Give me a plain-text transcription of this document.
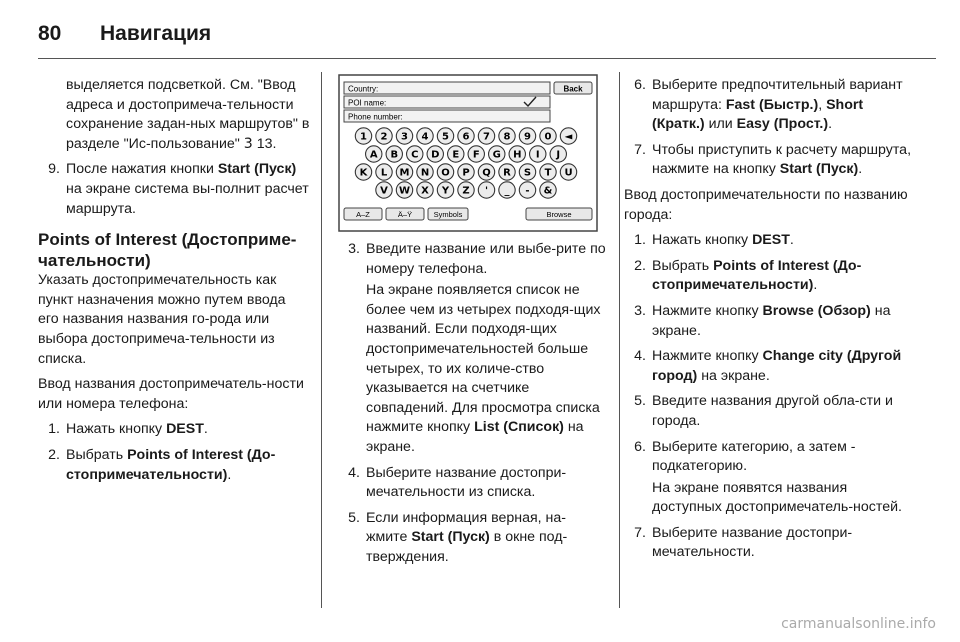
80	Навигация

выделяется подсветкой. См. "Ввод адреса и достопримеча-тельности сохранение задан-ных маршрутов" в разделе "Ис-пользование" 3 13.

9. После нажатия кнопки Start (Пуск) на экране система вы-полнит расчет маршрута.
Points of Interest (Достоприме-чательности)

Указать достопримечательность как пункт назначения можно путем ввода его названия названия го-рода или выбора достопримеча-тельности из списка.

Ввод названия достопримечатель-ности или номера телефона:

1. Нажать кнопку DEST.
2. Выбрать Points of Interest (До-стопримечательности).
Country:	Back
POI name:
Phone number:
1 2 3 4 5 6 7 8 9 0 ◄
A B C D E F G H I J
K L M N O P Q R S T U
V W X Y Z ' _ - &
A–Z	Ä–Ÿ	Symbols	Browse
3. Введите название или выбе-рите по номеру телефона.

На экране появляется список не более чем из четырех подходя-щих названий. Если подходя-щих достопримечательностей больше четырех, то их количе-ство указывается на счетчике совпадений. Для просмотра списка нажмите кнопку List (Список) на экране.

4. Выберите название достопри-мечательности из списка.
5. Если информация верная, на-жмите Start (Пуск) в окне под-тверждения.
6. Выберите предпочтительный вариант маршрута: Fast (Быстр.), Short (Кратк.) или Easy (Прост.).
7. Чтобы приступить к расчету маршрута, нажмите на кнопку Start (Пуск).

Ввод достопримечательности по названию города:

1. Нажать кнопку DEST.
2. Выбрать Points of Interest (До-стопримечательности).
3. Нажмите кнопку Browse (Обзор) на экране.
4. Нажмите кнопку Change city (Другой город) на экране.
5. Введите названия другой обла-сти и города.
6. Выберите категорию, а затем - подкатегорию.

На экране появятся названия доступных достопримечатель-ностей.

7. Выберите название достопри-мечательности.
carmanualsonline.info
